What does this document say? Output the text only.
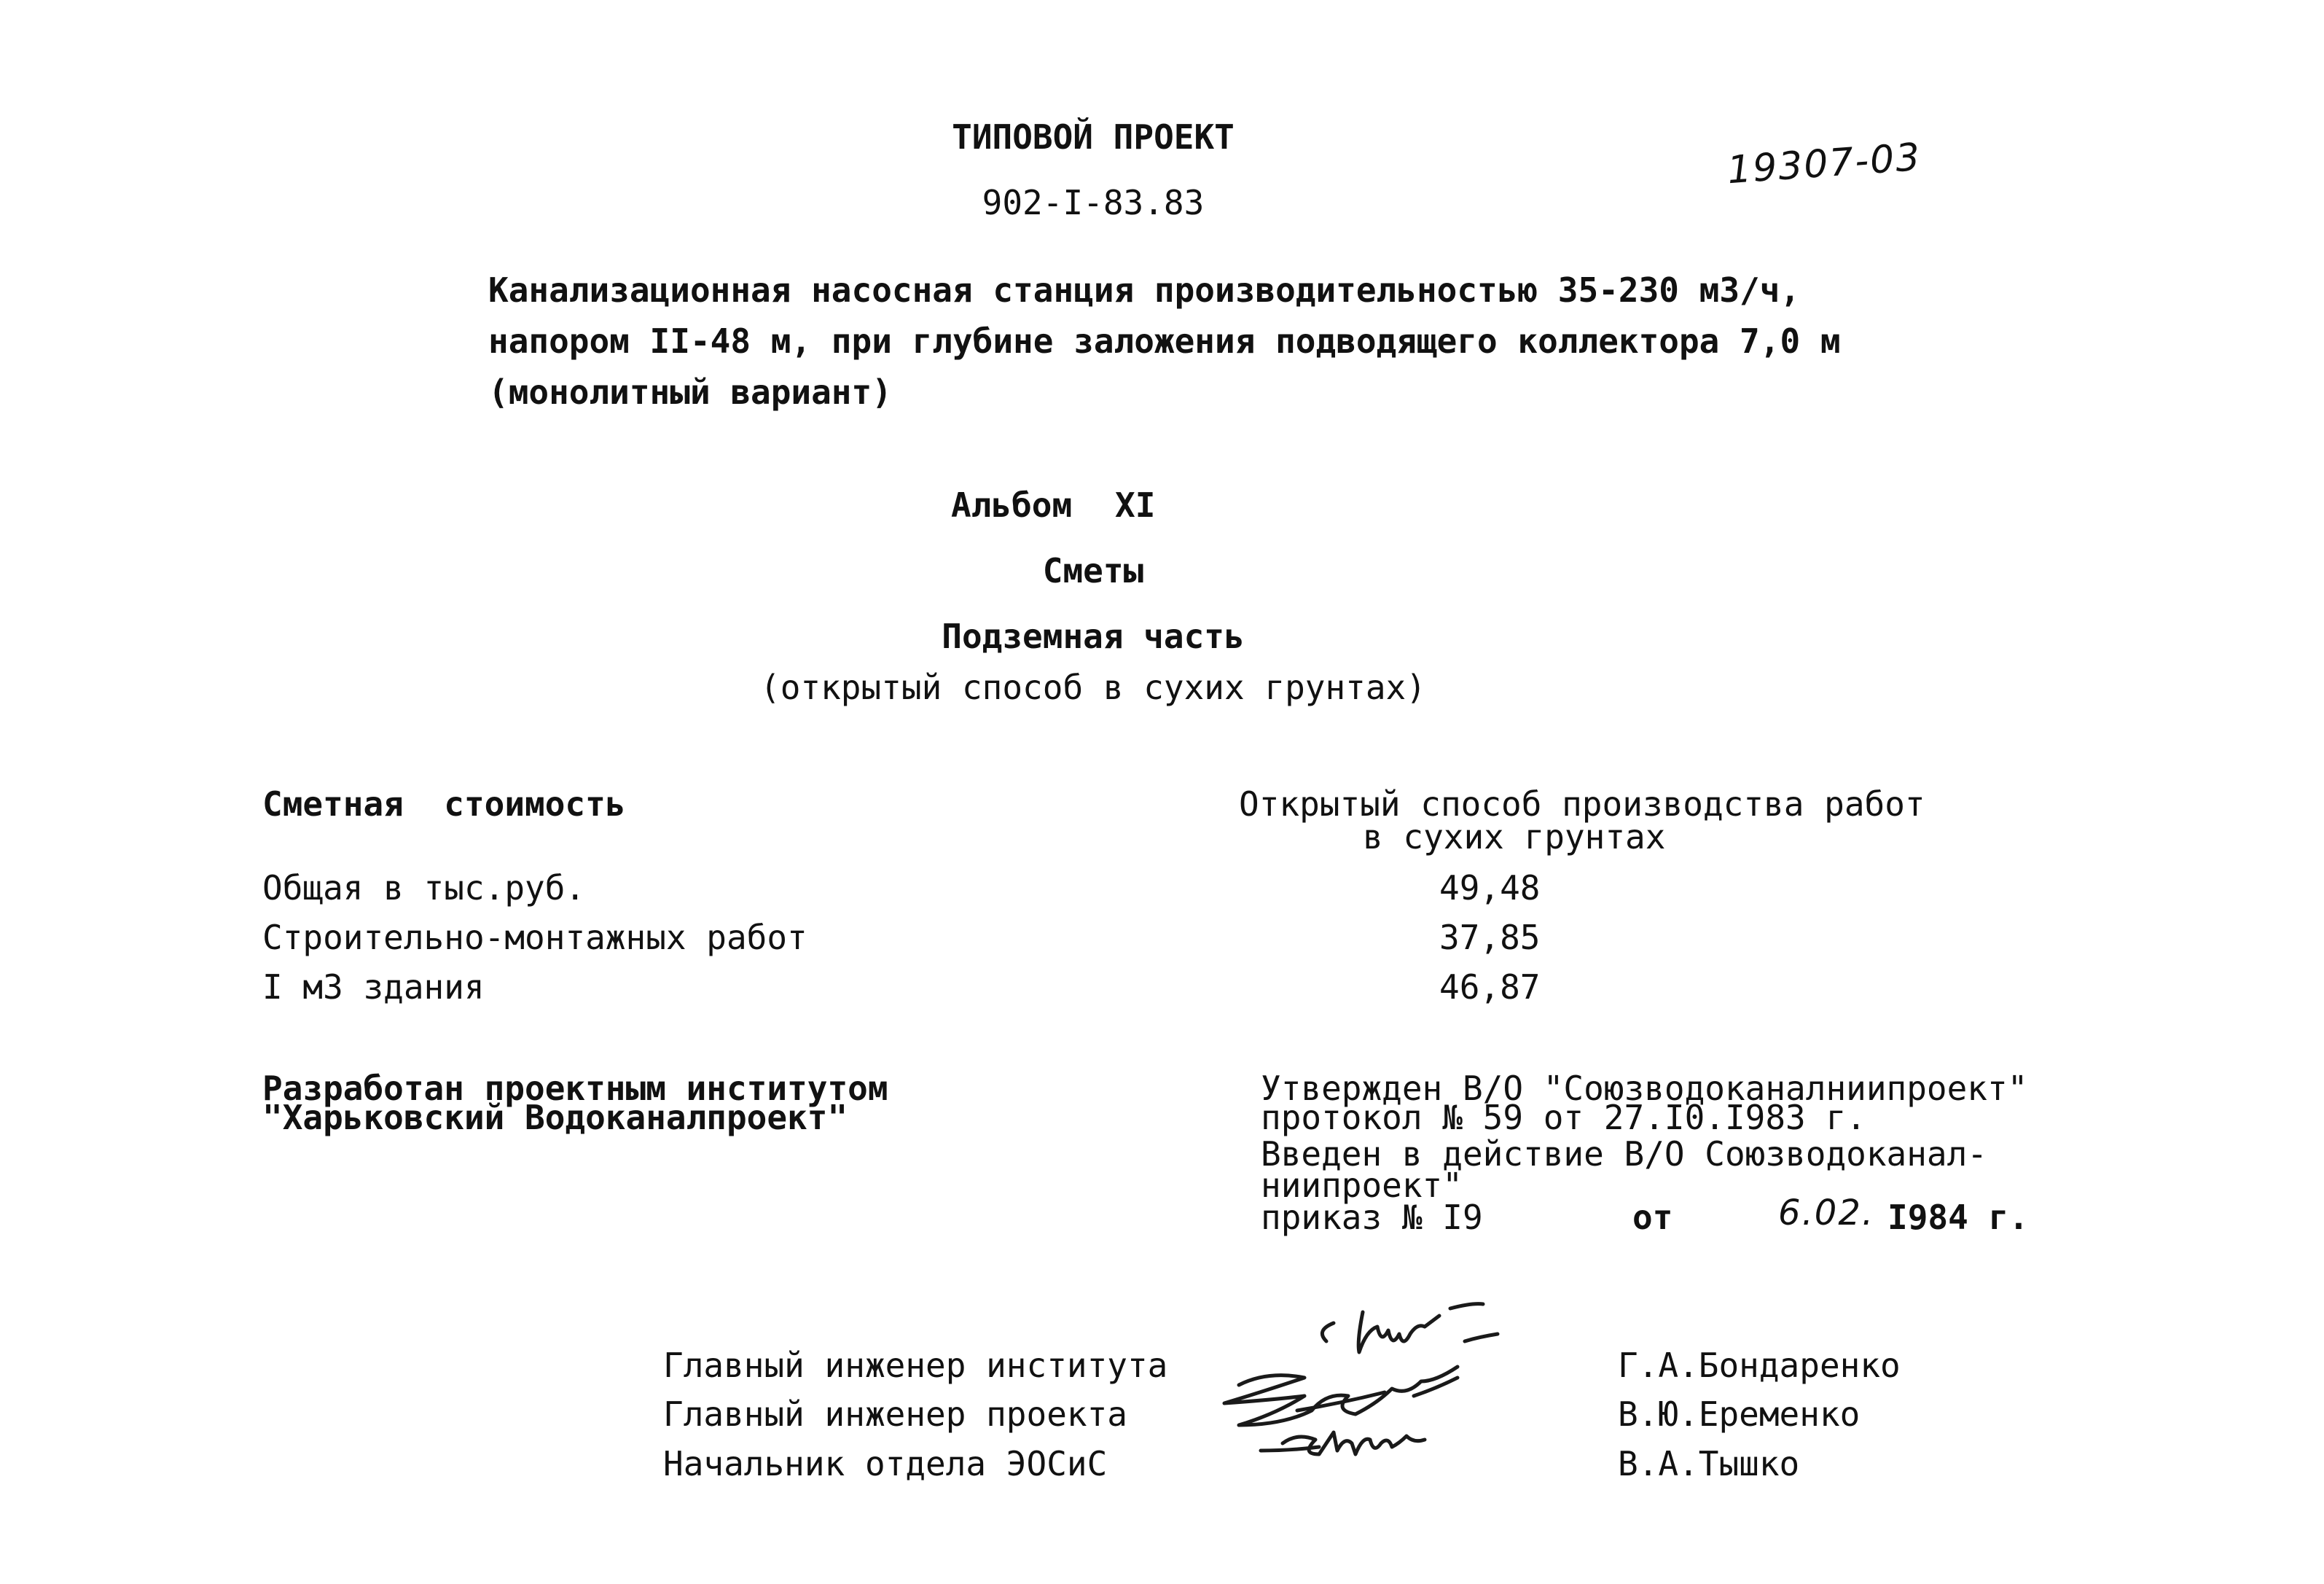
ТИПОВОЙ ПРОЕКТ
902-I-83.83
19307-03
Канализационная насосная станция производительностью 35-230 м3/ч,
напором II-48 м, при глубине заложения подводящего коллектора 7,0 м
(монолитный вариант)
Альбом XI
Сметы
Подземная часть
(открытый способ в сухих грунтах)
Сметная  стоимость	Открытый способ производства работ
в сухих грунтах
Общая в тыс.руб.	49,48
Строительно-монтажных работ	37,85
I м3 здания	46,87
Разработан проектным институтом
"Харьковский Водоканалпроект"
Утвержден В/О "Союзводоканалниипроект"
протокол № 59 от 27.I0.I983 г.
Введен в действие В/О Союзводоканал-
ниипроект"
приказ № I9	от	6.02. I984 г.
Главный инженер института	Г.А.Бондаренко
Главный инженер проекта	В.Ю.Еременко
Начальник отдела ЭОСиС	В.А.Тышко
